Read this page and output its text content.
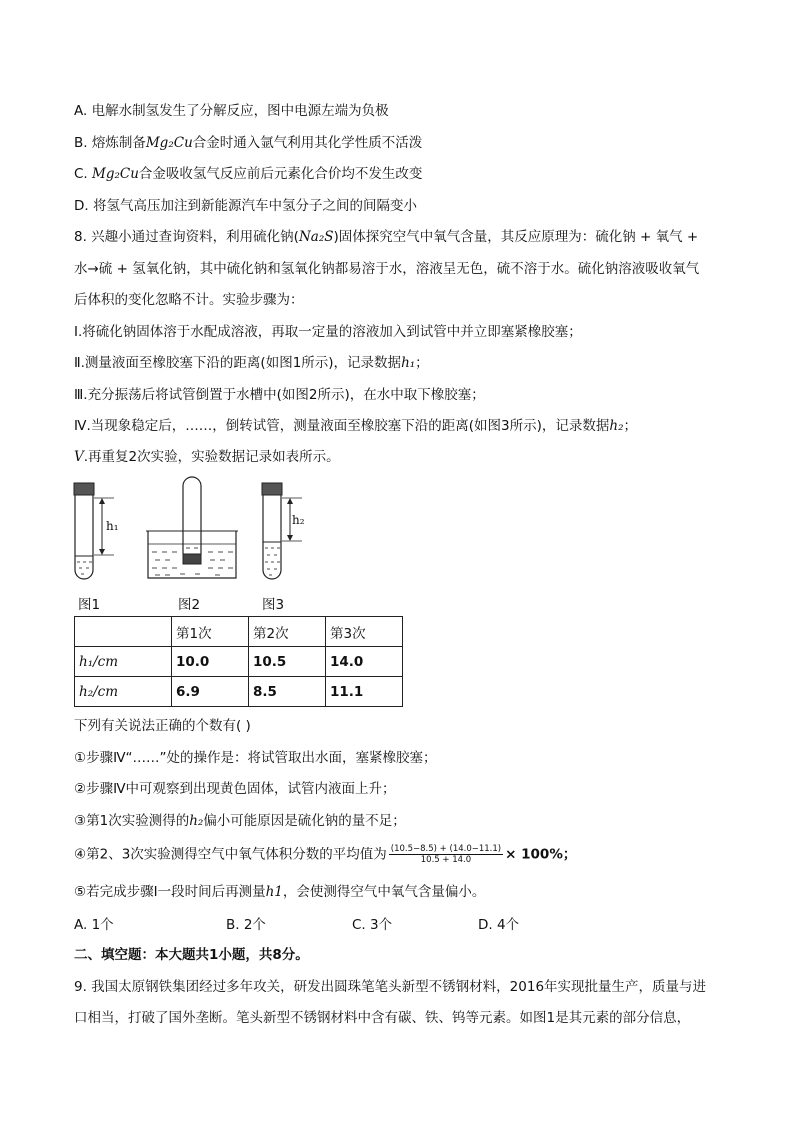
A. 电解水制氢发生了分解反应，图中电源左端为负极
B. 熔炼制备Mg₂Cu合金时通入氩气利用其化学性质不活泼
C. Mg₂Cu合金吸收氢气反应前后元素化合价均不发生改变
D. 将氢气高压加注到新能源汽车中氢分子之间的间隔变小
8. 兴趣小通过查询资料，利用硫化钠(Na₂S)固体探究空气中氧气含量，其反应原理为：硫化钠 + 氧气 +
水→硫 + 氢氧化钠，其中硫化钠和氢氧化钠都易溶于水，溶液呈无色，硫不溶于水。硫化钠溶液吸收氧气
后体积的变化忽略不计。实验步骤为：
Ⅰ.将硫化钠固体溶于水配成溶液，再取一定量的溶液加入到试管中并立即塞紧橡胶塞；
Ⅱ.测量液面至橡胶塞下沿的距离(如图1所示)，记录数据h₁；
Ⅲ.充分振荡后将试管倒置于水槽中(如图2所示)，在水中取下橡胶塞；
Ⅳ.当现象稳定后，……，倒转试管，测量液面至橡胶塞下沿的距离(如图3所示)，记录数据h₂；
V.再重复2次实验，实验数据记录如表所示。
h₁
图1	图2
h₂
图3
	第1次	第2次	第3次
h₁/cm	10.0	10.5	14.0
h₂/cm	6.9	8.5	11.1
下列有关说法正确的个数有( )
①步骤Ⅳ“……”处的操作是：将试管取出水面，塞紧橡胶塞；
②步骤Ⅳ中可观察到出现黄色固体，试管内液面上升；
③第1次实验测得的h₂偏小可能原因是硫化钠的量不足；
④第2、3次实验测得空气中氧气体积分数的平均值为 $\frac{(10.5-8.5) + (14.0-11.1)}{10.5 + 14.0} \times 100\%$；
⑤若完成步骤Ⅰ一段时间后再测量h1，会使测得空气中氧气含量偏小。
A. 1个	B. 2个	C. 3个	D. 4个
二、填空题：本大题共1小题，共8分。
9. 我国太原钢铁集团经过多年攻关，研发出圆珠笔笔头新型不锈钢材料，2016年实现批量生产，质量与进
口相当，打破了国外垄断。笔头新型不锈钢材料中含有碳、铁、钨等元素。如图1是其元素的部分信息，
